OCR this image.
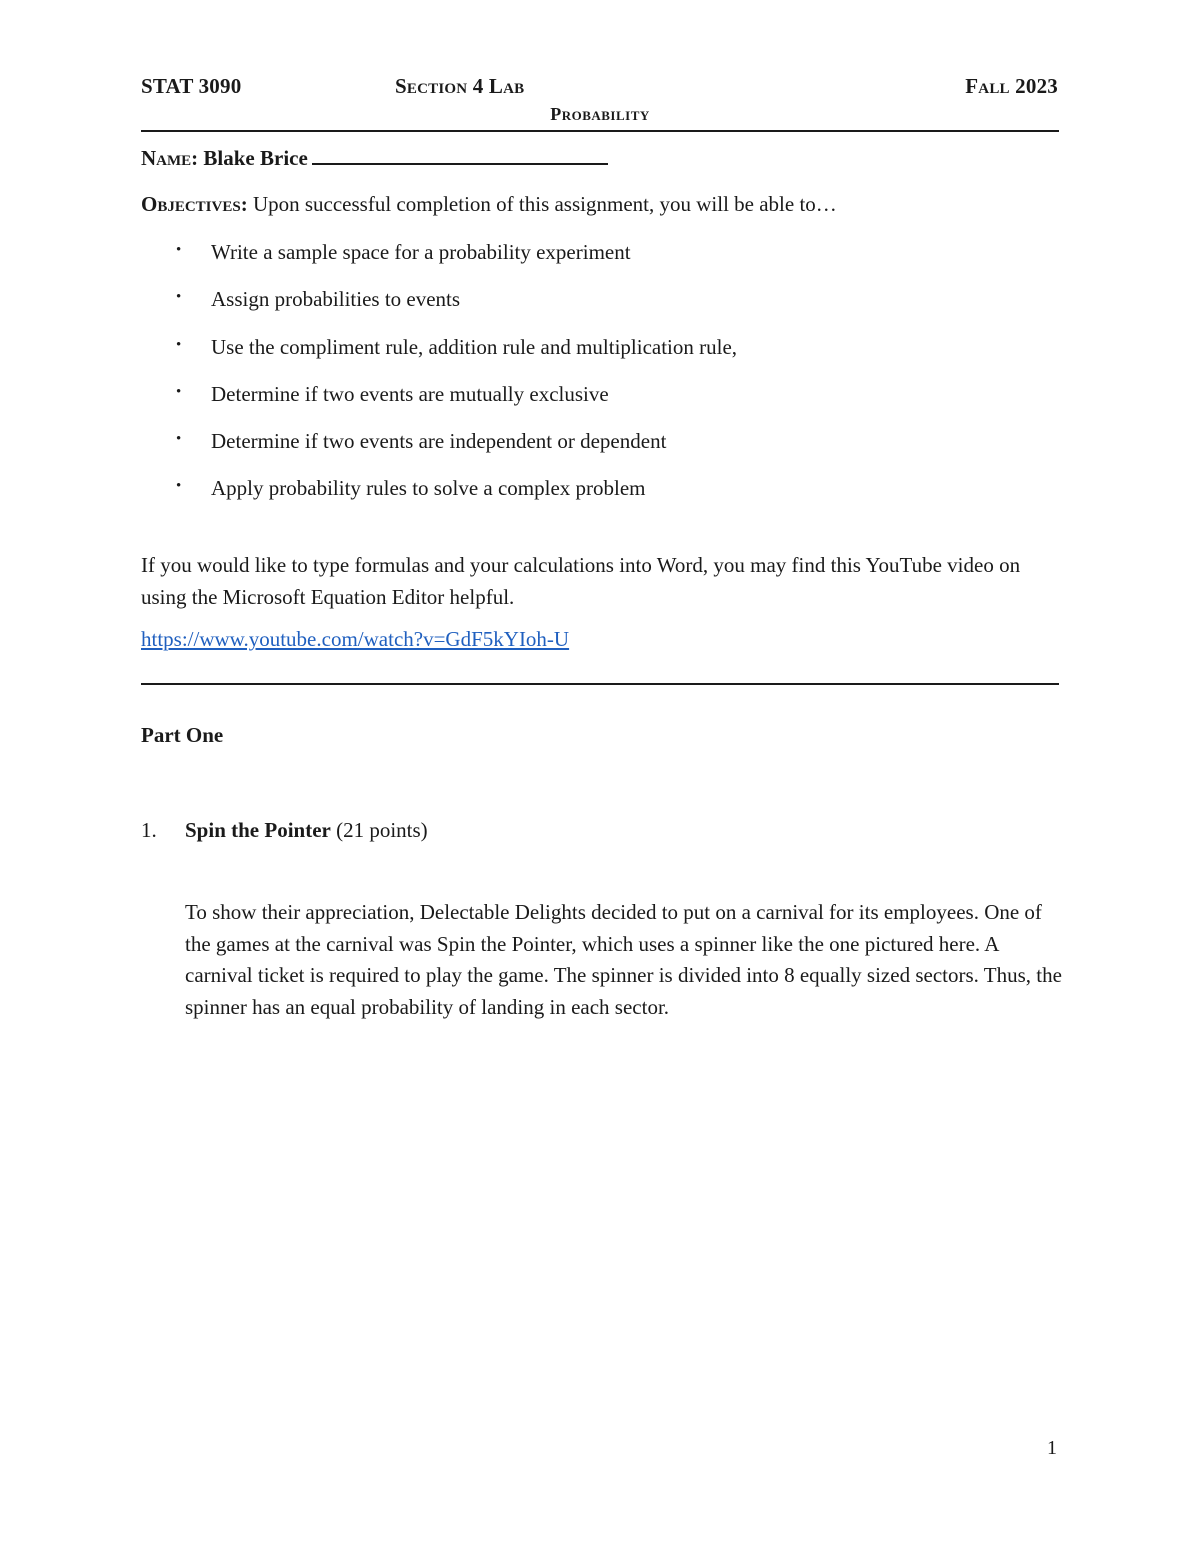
STAT 3090	Section 4 Lab	Fall 2023
Probability
Name: Blake Brice
Objectives: Upon successful completion of this assignment, you will be able to…
• Write a sample space for a probability experiment
• Assign probabilities to events
• Use the compliment rule, addition rule and multiplication rule,
• Determine if two events are mutually exclusive
• Determine if two events are independent or dependent
• Apply probability rules to solve a complex problem
If you would like to type formulas and your calculations into Word, you may find this YouTube video on using the Microsoft Equation Editor helpful.
https://www.youtube.com/watch?v=GdF5kYIoh-U
Part One
1. Spin the Pointer (21 points)
To show their appreciation, Delectable Delights decided to put on a carnival for its employees. One of the games at the carnival was Spin the Pointer, which uses a spinner like the one pictured here. A carnival ticket is required to play the game. The spinner is divided into 8 equally sized sectors. Thus, the spinner has an equal probability of landing in each sector.
1
